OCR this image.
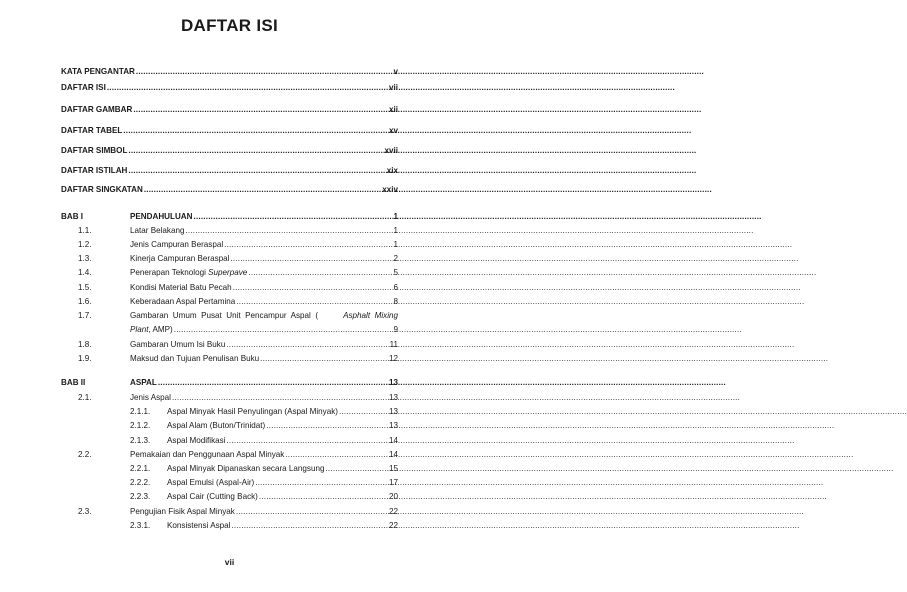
DAFTAR ISI
KATA PENGANTAR .....	v
DAFTAR ISI .....	vii
DAFTAR GAMBAR .....	xii
DAFTAR TABEL .....	xv
DAFTAR SIMBOL .....	xvii
DAFTAR ISTILAH .....	xix
DAFTAR SINGKATAN .....	xxiv
BAB I	PENDAHULUAN .....	1
1.1.	Latar Belakang .....	1
1.2.	Jenis Campuran Beraspal .....	1
1.3.	Kinerja Campuran Beraspal .....	2
1.4.	Penerapan Teknologi Superpave .....	5
1.5.	Kondisi Material Batu Pecah .....	6
1.6.	Keberadaan Aspal Pertamina .....	8
1.7.	Gambaran  Umum  Pusat  Unit  Pencampur  Aspal  (	Asphalt  Mixing
Plant, AMP) .....	9
1.8.	Gambaran Umum Isi Buku .....	11
1.9.	Maksud dan Tujuan Penulisan Buku .....	12
BAB II	ASPAL .....	13
2.1.	Jenis Aspal .....	13
2.1.1.	Aspal Minyak Hasil Penyulingan (Aspal Minyak) .....	13
2.1.2.	Aspal Alam (Buton/Trinidat) .....	13
2.1.3.	Aspal Modifikasi .....	14
2.2.	Pemakaian dan Penggunaan Aspal Minyak .....	14
2.2.1.	Aspal Minyak Dipanaskan secara Langsung .....	15
2.2.2.	Aspal Emulsi (Aspal-Air) .....	17
2.2.3.	Aspal Cair (Cutting Back) .....	20
2.3.	Pengujian Fisik Aspal Minyak .....	22
2.3.1.	Konsistensi Aspal .....	22
vii
